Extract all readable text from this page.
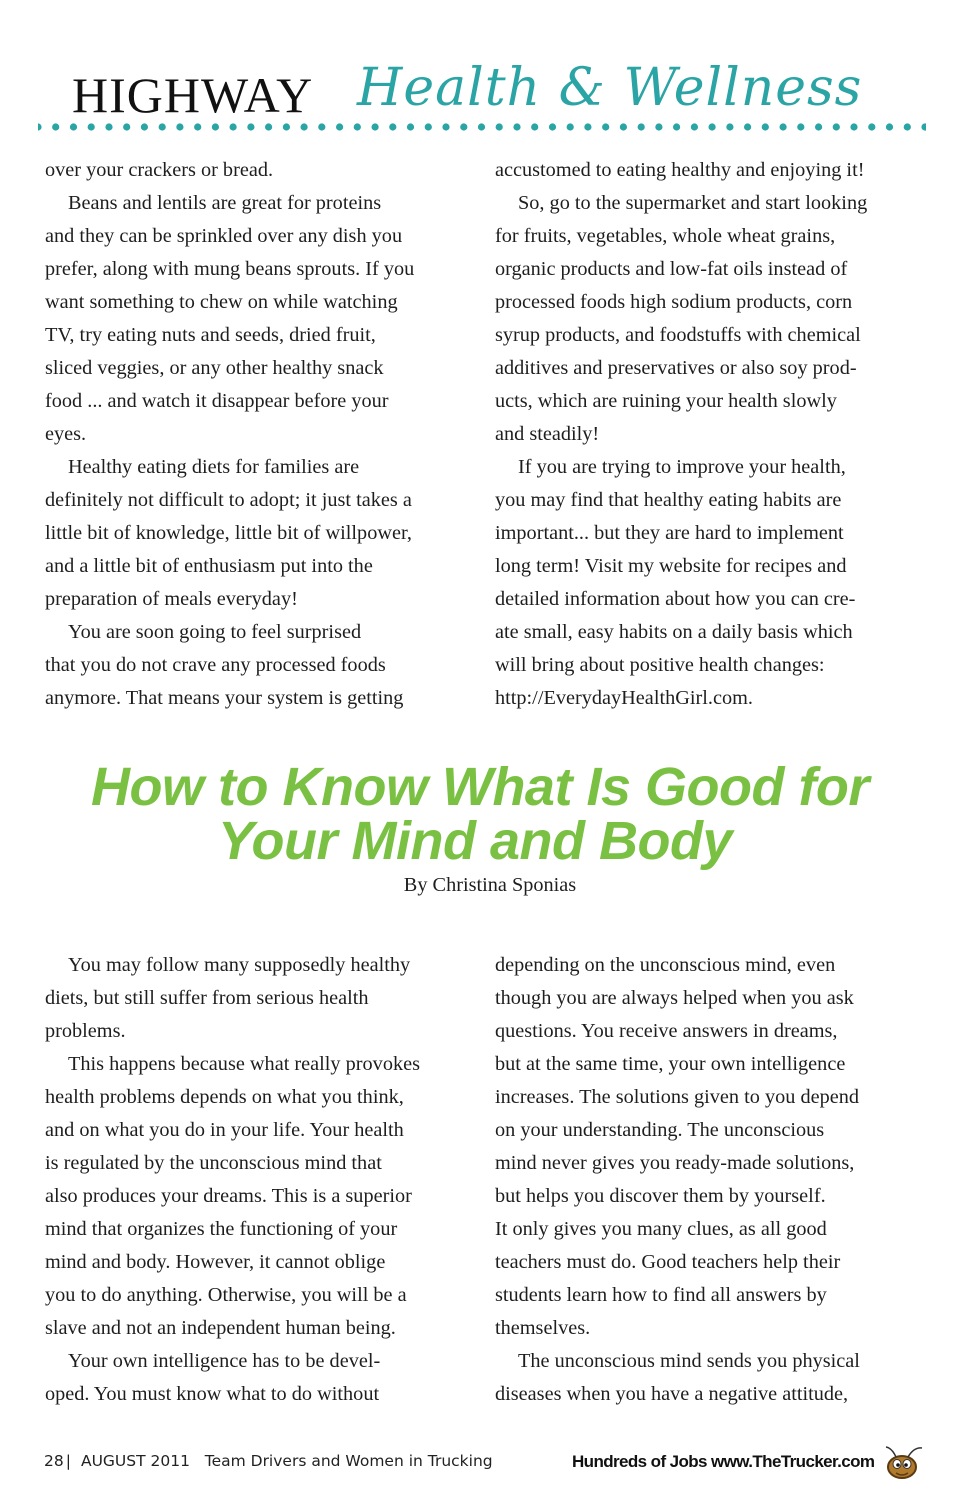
HIGHWAY Health & Wellness
over your crackers or bread.
Beans and lentils are great for proteins
and they can be sprinkled over any dish you
prefer, along with mung beans sprouts. If you
want something to chew on while watching
TV, try eating nuts and seeds, dried fruit,
sliced veggies, or any other healthy snack
food ... and watch it disappear before your
eyes.
Healthy eating diets for families are
definitely not difficult to adopt; it just takes a
little bit of knowledge, little bit of willpower,
and a little bit of enthusiasm put into the
preparation of meals everyday!
You are soon going to feel surprised
that you do not crave any processed foods
anymore. That means your system is getting
accustomed to eating healthy and enjoying it!
So, go to the supermarket and start looking
for fruits, vegetables, whole wheat grains,
organic products and low-fat oils instead of
processed foods high sodium products, corn
syrup products, and foodstuffs with chemical
additives and preservatives or also soy prod-
ucts, which are ruining your health slowly
and steadily!
If you are trying to improve your health,
you may find that healthy eating habits are
important... but they are hard to implement
long term! Visit my website for recipes and
detailed information about how you can cre-
ate small, easy habits on a daily basis which
will bring about positive health changes:
http://EverydayHealthGirl.com.
How to Know What Is Good for
Your Mind and Body
By Christina Sponias
You may follow many supposedly healthy
diets, but still suffer from serious health
problems.
This happens because what really provokes
health problems depends on what you think,
and on what you do in your life. Your health
is regulated by the unconscious mind that
also produces your dreams. This is a superior
mind that organizes the functioning of your
mind and body. However, it cannot oblige
you to do anything. Otherwise, you will be a
slave and not an independent human being.
Your own intelligence has to be devel-
oped. You must know what to do without
depending on the unconscious mind, even
though you are always helped when you ask
questions. You receive answers in dreams,
but at the same time, your own intelligence
increases. The solutions given to you depend
on your understanding. The unconscious
mind never gives you ready-made solutions,
but helps you discover them by yourself.
It only gives you many clues, as all good
teachers must do. Good teachers help their
students learn how to find all answers by
themselves.
The unconscious mind sends you physical
diseases when you have a negative attitude,
28 | AUGUST 2011 Team Drivers and Women in Trucking	Hundreds of Jobs www.TheTrucker.com
